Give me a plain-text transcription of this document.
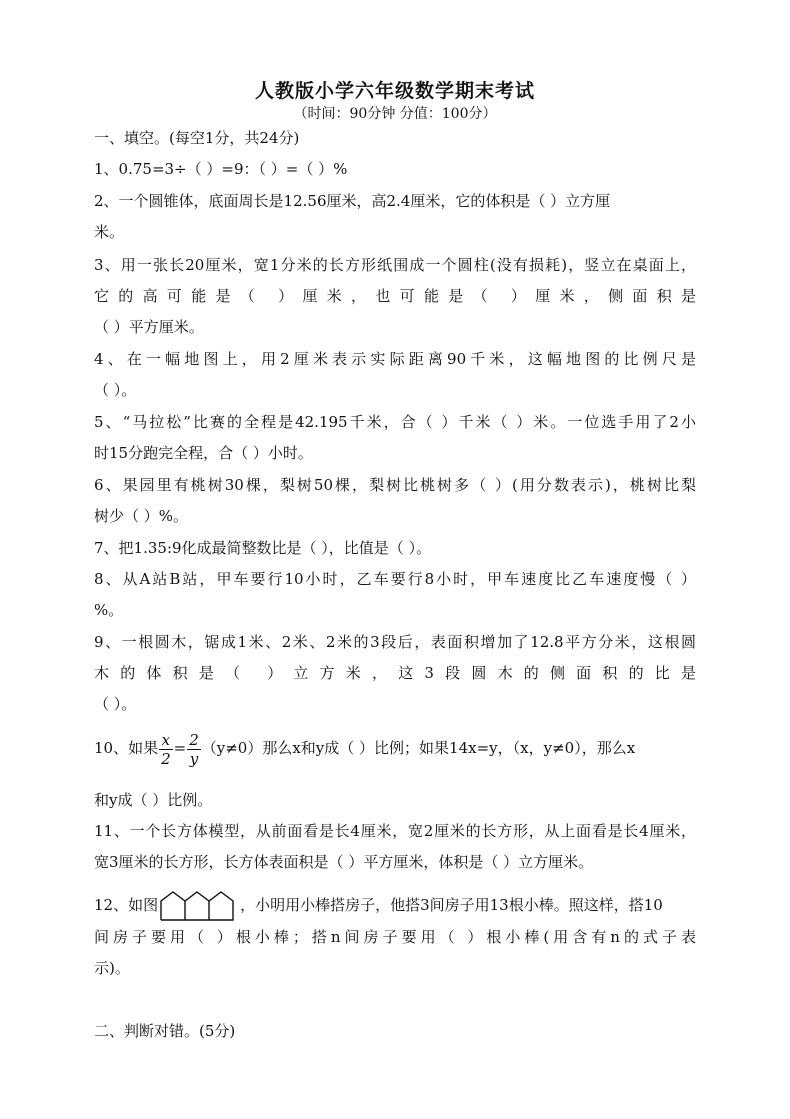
人教版小学六年级数学期末考试
（时间：90分钟 分值：100分）
一、填空。(每空1分，共24分)
1、0.75=3÷（ ）=9：（ ）=（ ）%
2、一个圆锥体，底面周长是12.56厘米，高2.4厘米，它的体积是（ ）立方厘
米。
3、用一张长20厘米，宽1分米的长方形纸围成一个圆柱(没有损耗)，竖立在桌面上，
它的高可能是（ ）厘米，也可能是（ ）厘米，侧面积是
（ ）平方厘米。
4、在一幅地图上，用2厘米表示实际距离90千米，这幅地图的比例尺是
（ ）。
5、“马拉松”比赛的全程是42.195千米，合（ ）千米（ ）米。一位选手用了2小
时15分跑完全程，合（ ）小时。
6、果园里有桃树30棵，梨树50棵，梨树比桃树多（ ）(用分数表示)，桃树比梨
树少（ ）%。
7、把1.35:9化成最简整数比是（ ），比值是（ ）。
8、从A站B站，甲车要行10小时，乙车要行8小时，甲车速度比乙车速度慢（ ）
%。
9、一根圆木，锯成1米、2米、2米的3段后，表面积增加了12.8平方分米，这根圆
木的体积是（ ）立方米，这3段圆木的侧面积的比是
（ ）。
10、如果 $\frac{x}{2} = \frac{2}{y} (y\ne 0)$那么x和y成（ ）比例；如果14x=y，（x，y≠0），那么x
和y成（ ）比例。
11、一个长方体模型，从前面看是长4厘米，宽2厘米的长方形，从上面看是长4厘米，
宽3厘米的长方形，长方体表面积是（ ）平方厘米，体积是（ ）立方厘米。
12、如图	，小明用小棒搭房子，他搭3间房子用13根小棒。照这样，搭10
间房子要用（ ）根小棒；搭n间房子要用（ ）根小棒(用含有n的式子表
示)。
二、判断对错。(5分)
